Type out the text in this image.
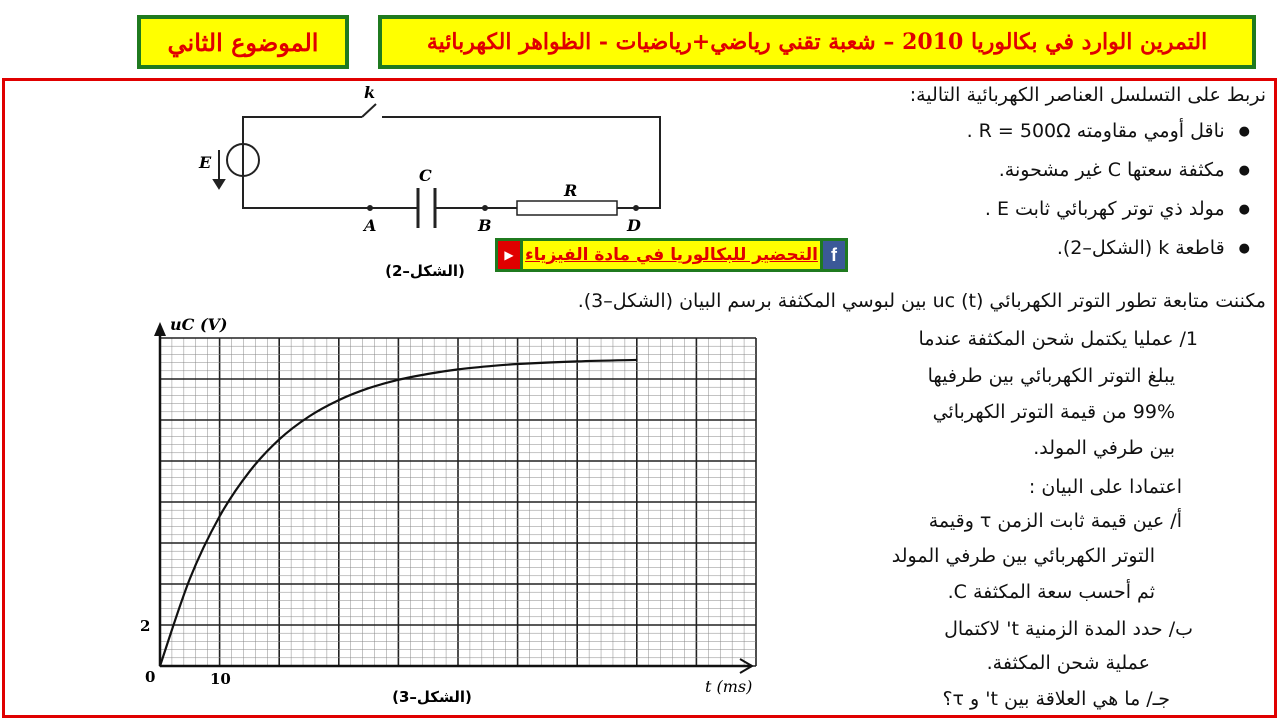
الموضوع الثاني	التمرين الوارد في بكالوريا 2010 – شعبة تقني رياضي+رياضيات - الظواهر الكهربائية
نربط على التسلسل العناصر الكهربائية التالية:
● ناقل أومي مقاومته R = 500Ω .
● مكثفة سعتها C غير مشحونة.
● مولد ذي توتر كهربائي ثابت E .
● قاطعة k (الشكل–2).
f
التحضير للبكالوريا في مادة الفيزياء
▶
مكننت متابعة تطور التوتر الكهربائي (t) uc بين لبوسي المكثفة برسم البيان (الشكل–3).
1/ عمليا يكتمل شحن المكثفة عندما
يبلغ التوتر الكهربائي بين طرفيها
99% من قيمة التوتر الكهربائي
بين طرفي المولد.
اعتمادا على البيان :
أ/ عين قيمة ثابت الزمن τ وقيمة
التوتر الكهربائي بين طرفي المولد
ثم أحسب سعة المكثفة C.
ب/ حدد المدة الزمنية t' لاكتمال
عملية شحن المكثفة.
جـ/ ما هي العلاقة بين t' و τ؟
k
E
C
R
A	B	D
(الشكل–2)
uC (V)
2
0	10	t (ms)
(الشكل–3)
